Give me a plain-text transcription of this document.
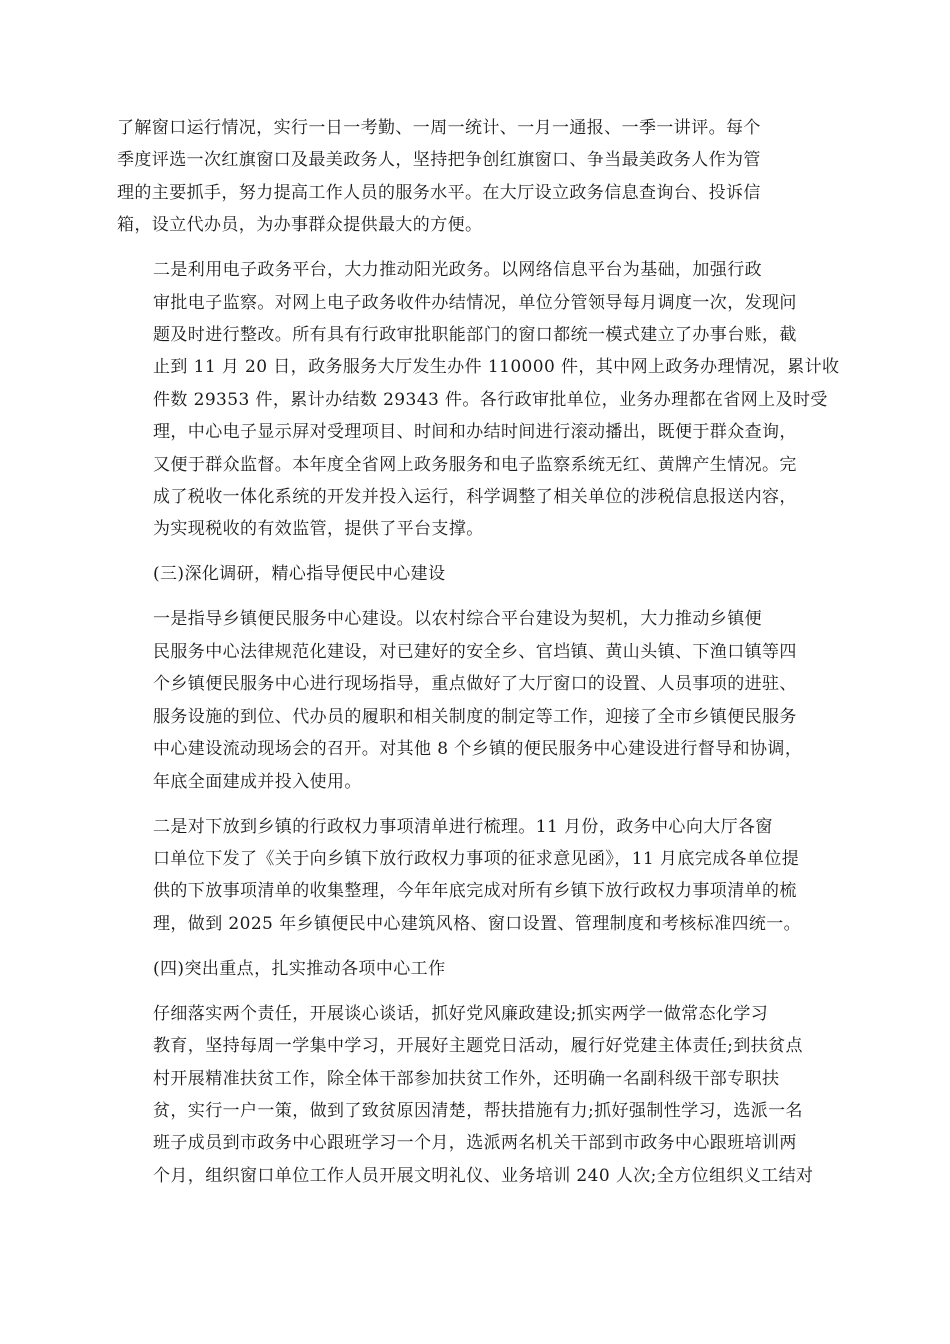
了解窗口运行情况，实行一日一考勤、一周一统计、一月一通报、一季一讲评。每个
季度评选一次红旗窗口及最美政务人，坚持把争创红旗窗口、争当最美政务人作为管
理的主要抓手，努力提高工作人员的服务水平。在大厅设立政务信息查询台、投诉信
箱，设立代办员，为办事群众提供最大的方便。
二是利用电子政务平台，大力推动阳光政务。以网络信息平台为基础，加强行政
审批电子监察。对网上电子政务收件办结情况，单位分管领导每月调度一次，发现问
题及时进行整改。所有具有行政审批职能部门的窗口都统一模式建立了办事台账，截
止到 11 月 20 日，政务服务大厅发生办件 110000 件，其中网上政务办理情况，累计收
件数 29353 件，累计办结数 29343 件。各行政审批单位，业务办理都在省网上及时受
理，中心电子显示屏对受理项目、时间和办结时间进行滚动播出，既便于群众查询，
又便于群众监督。本年度全省网上政务服务和电子监察系统无红、黄牌产生情况。完
成了税收一体化系统的开发并投入运行，科学调整了相关单位的涉税信息报送内容，
为实现税收的有效监管，提供了平台支撑。
(三)深化调研，精心指导便民中心建设
一是指导乡镇便民服务中心建设。以农村综合平台建设为契机，大力推动乡镇便
民服务中心法律规范化建设，对已建好的安全乡、官垱镇、黄山头镇、下渔口镇等四
个乡镇便民服务中心进行现场指导，重点做好了大厅窗口的设置、人员事项的进驻、
服务设施的到位、代办员的履职和相关制度的制定等工作，迎接了全市乡镇便民服务
中心建设流动现场会的召开。对其他 8 个乡镇的便民服务中心建设进行督导和协调，
年底全面建成并投入使用。
二是对下放到乡镇的行政权力事项清单进行梳理。11 月份，政务中心向大厅各窗
口单位下发了《关于向乡镇下放行政权力事项的征求意见函》，11 月底完成各单位提
供的下放事项清单的收集整理，今年年底完成对所有乡镇下放行政权力事项清单的梳
理，做到 2025 年乡镇便民中心建筑风格、窗口设置、管理制度和考核标准四统一。
(四)突出重点，扎实推动各项中心工作
仔细落实两个责任，开展谈心谈话，抓好党风廉政建设;抓实两学一做常态化学习
教育，坚持每周一学集中学习，开展好主题党日活动，履行好党建主体责任;到扶贫点
村开展精准扶贫工作，除全体干部参加扶贫工作外，还明确一名副科级干部专职扶
贫，实行一户一策，做到了致贫原因清楚，帮扶措施有力;抓好强制性学习，选派一名
班子成员到市政务中心跟班学习一个月，选派两名机关干部到市政务中心跟班培训两
个月，组织窗口单位工作人员开展文明礼仪、业务培训 240 人次;全方位组织义工结对
